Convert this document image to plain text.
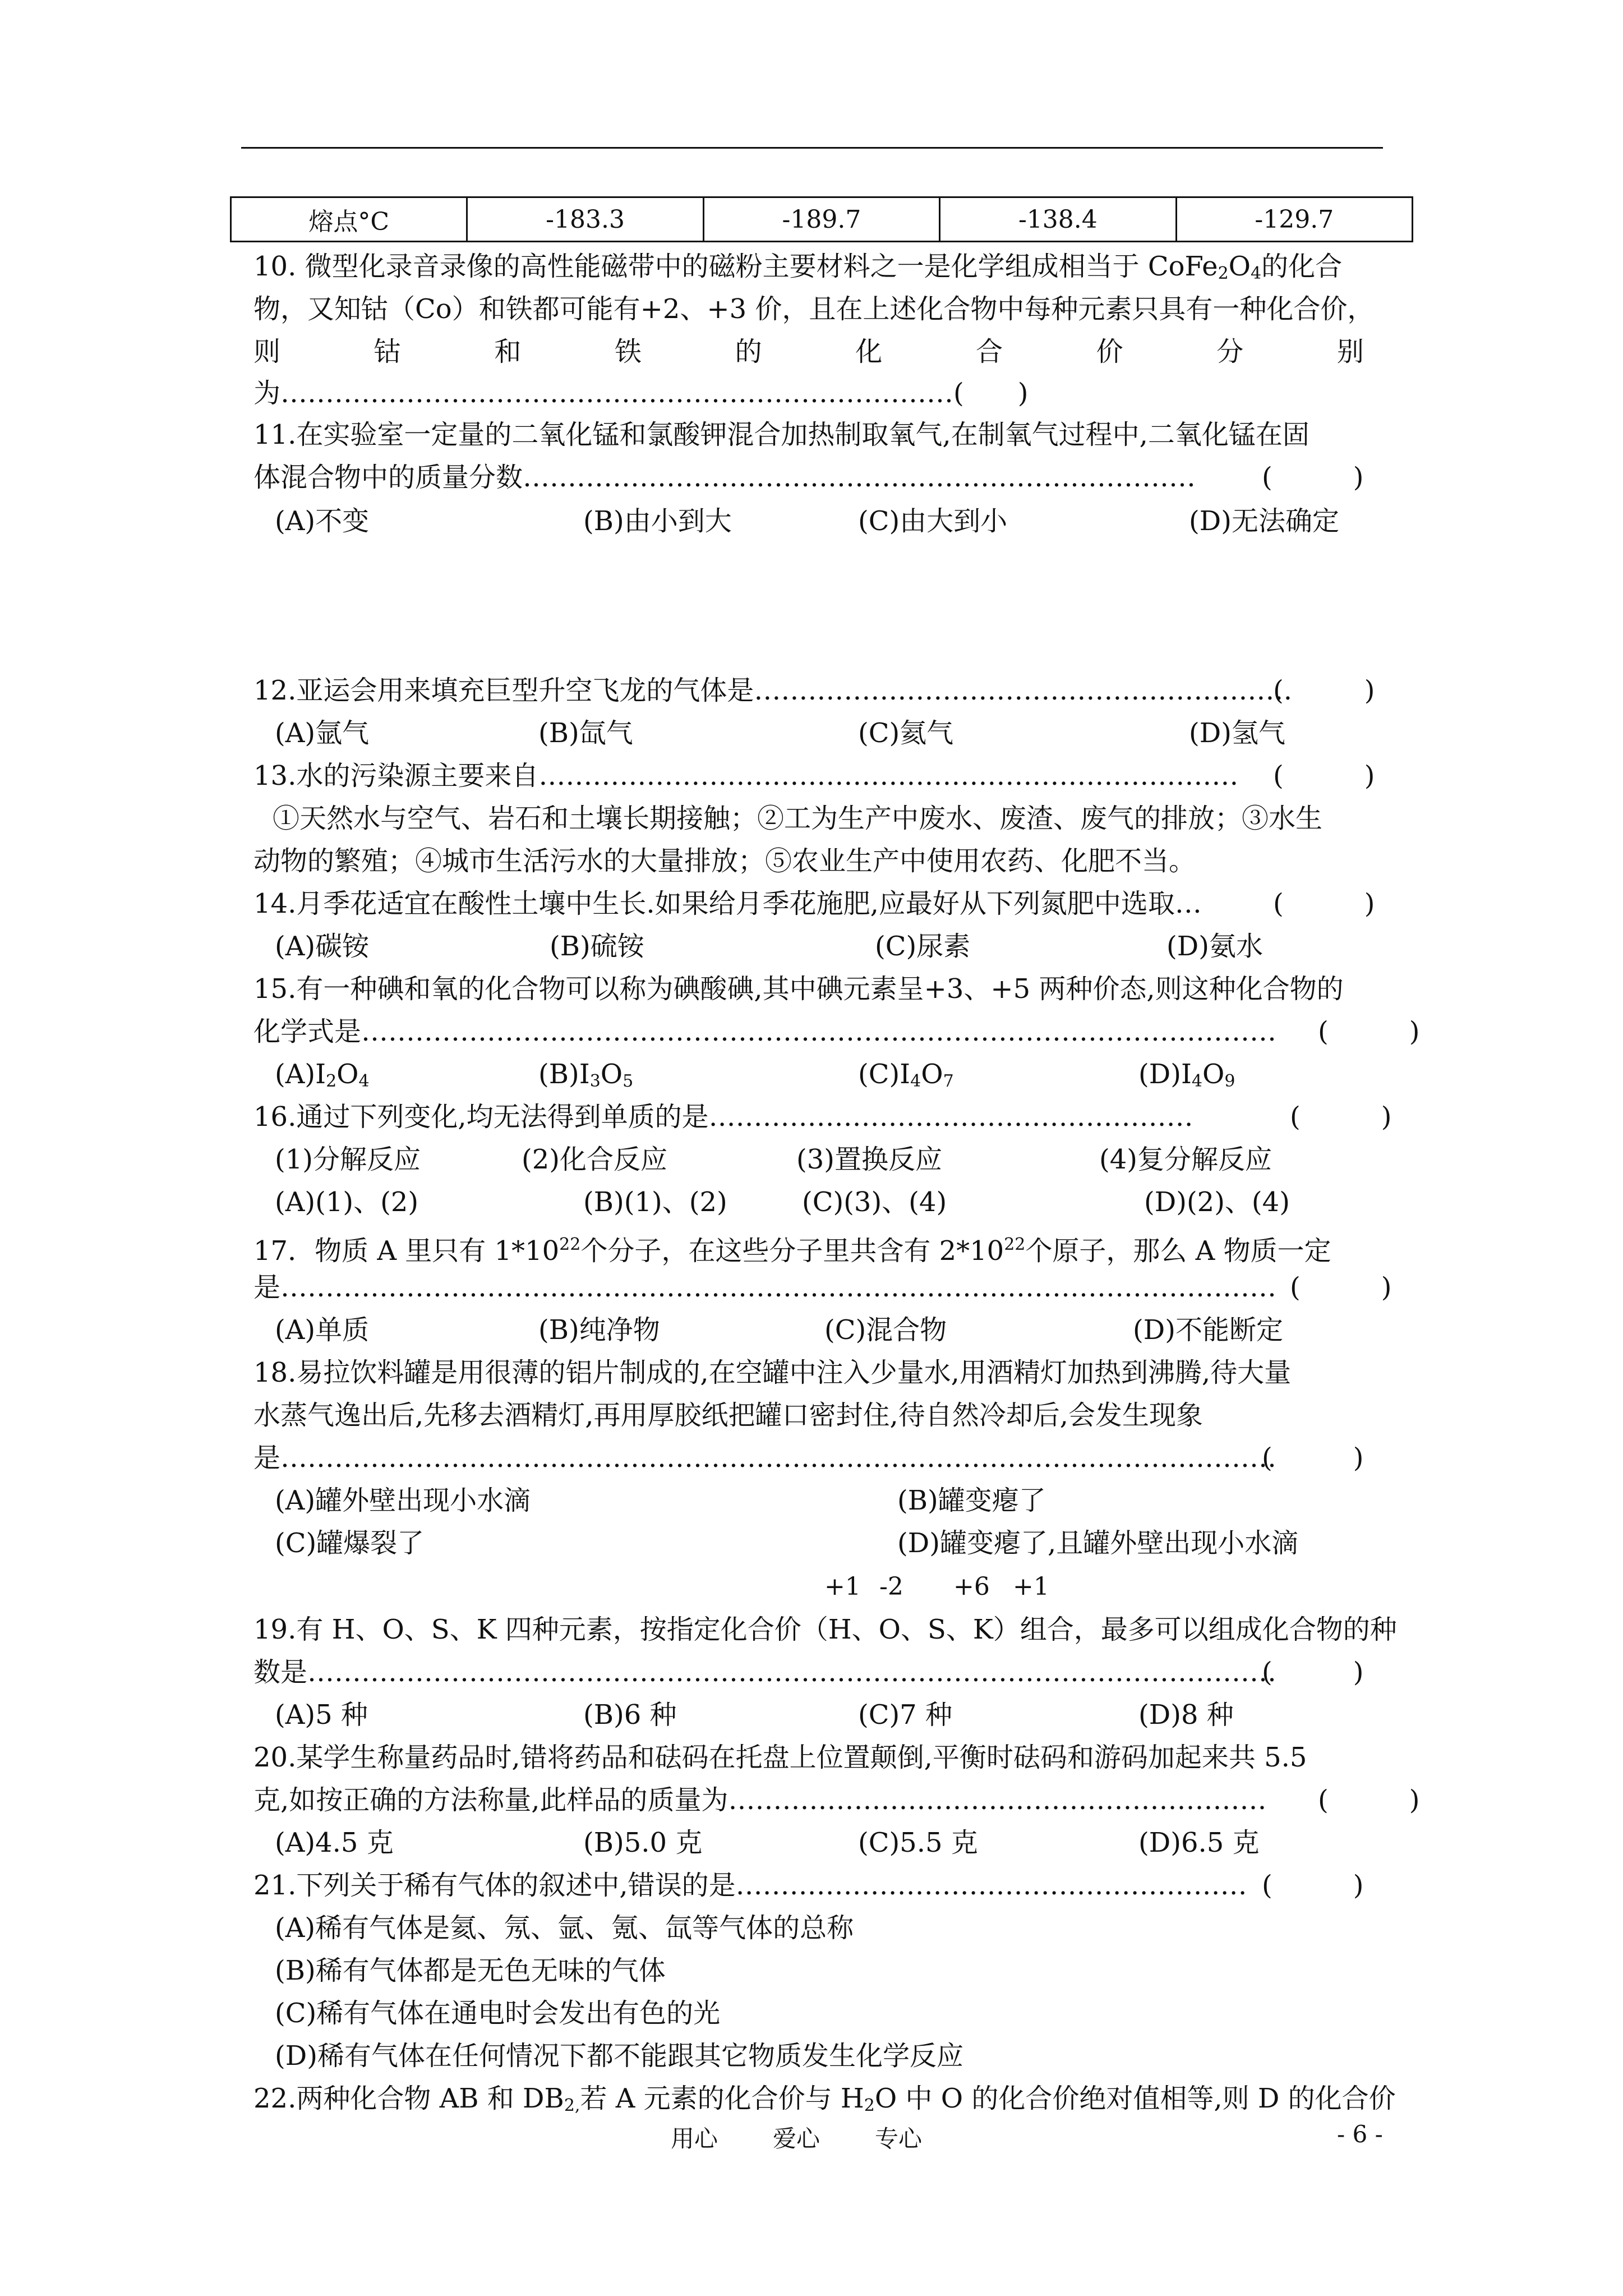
熔点°C	-183.3	-189.7	-138.4	-129.7
10. 微型化录音录像的高性能磁带中的磁粉主要材料之一是化学组成相当于 $CoFe_2O_4$的化合
物，又知钴（Co）和铁都可能有+2、+3 价，且在上述化合物中每种元素只具有一种化合价，
则	钴	和	铁	的	化	合	价	分	别
为…………………………………………………………………(　　)
11.在实验室一定量的二氧化锰和氯酸钾混合加热制取氧气,在制氧气过程中,二氧化锰在固
体混合物中的质量分数………………………………………………………………… (　　　)
(A)不变	(B)由小到大	(C)由大到小	(D)无法确定
12.亚运会用来填充巨型升空飞龙的气体是……………………………………………………
(　　　)
(A)氩气	(B)氙气	(C)氦气	(D)氢气
13.水的污染源主要来自…………………………………………………………………… (　　　)
①天然水与空气、岩石和土壤长期接触；②工为生产中废水、废渣、废气的排放；③水生
动物的繁殖；④城市生活污水的大量排放；⑤农业生产中使用农药、化肥不当。
14.月季花适宜在酸性土壤中生长.如果给月季花施肥,应最好从下列氮肥中选取…	(　　　)
(A)碳铵	(B)硫铵	(C)尿素	(D)氨水
15.有一种碘和氧的化合物可以称为碘酸碘,其中碘元素呈+3、+5 两种价态,则这种化合物的
化学式是………………………………………………………………………………………… (　　　)
$(A)I_2O_4$	$(B)I_3O_5$	$(C)I_4O_7$	$(D)I_4O_9$
16.通过下列变化,均无法得到单质的是………………………………………………	(　　　)
(1)分解反应	(2)化合反应	(3)置换反应	(4)复分解反应
(A)(1)、(2)	(B)(1)、(2)	(C)(3)、(4)	(D)(2)、(4)
17．物质 A 里只有 $1*10^{22}$个分子，在这些分子里共含有 $2*10^{22}$个原子，那么 A 物质一定
是………………………………………………………………………………………………… (　　　)
(A)单质	(B)纯净物	(C)混合物	(D)不能断定
18.易拉饮料罐是用很薄的铝片制成的,在空罐中注入少量水,用酒精灯加热到沸腾,待大量
水蒸气逸出后,先移去酒精灯,再用厚胶纸把罐口密封住,待自然冷却后,会发生现象
是…………………………………………………………………………………………………
(　　　)
(A)罐外壁出现小水滴	(B)罐变瘪了
(C)罐爆裂了	(D)罐变瘪了,且罐外壁出现小水滴
+1 -2 +6 +1
19.有 H、O、S、K 四种元素，按指定化合价（H、O、S、K）组合，最多可以组成化合物的种
数是………………………………………………………………………………………………
(　　　)
(A)5 种	(B)6 种	(C)7 种	(D)8 种
20.某学生称量药品时,错将药品和砝码在托盘上位置颠倒,平衡时砝码和游码加起来共 5.5
克,如按正确的方法称量,此样品的质量为…………………………………………………… (　　　)
(A)4.5 克	(B)5.0 克	(C)5.5 克	(D)6.5 克
21.下列关于稀有气体的叙述中,错误的是………………………………………………… (　　　)
(A)稀有气体是氦、氖、氩、氪、氙等气体的总称
(B)稀有气体都是无色无味的气体
(C)稀有气体在通电时会发出有色的光
(D)稀有气体在任何情况下都不能跟其它物质发生化学反应
22.两种化合物 AB 和 $DB_{2,}$若 A 元素的化合价与 $H_2O$ 中 O 的化合价绝对值相等,则 D 的化合价
用心 爱心 专心	- 6 -
